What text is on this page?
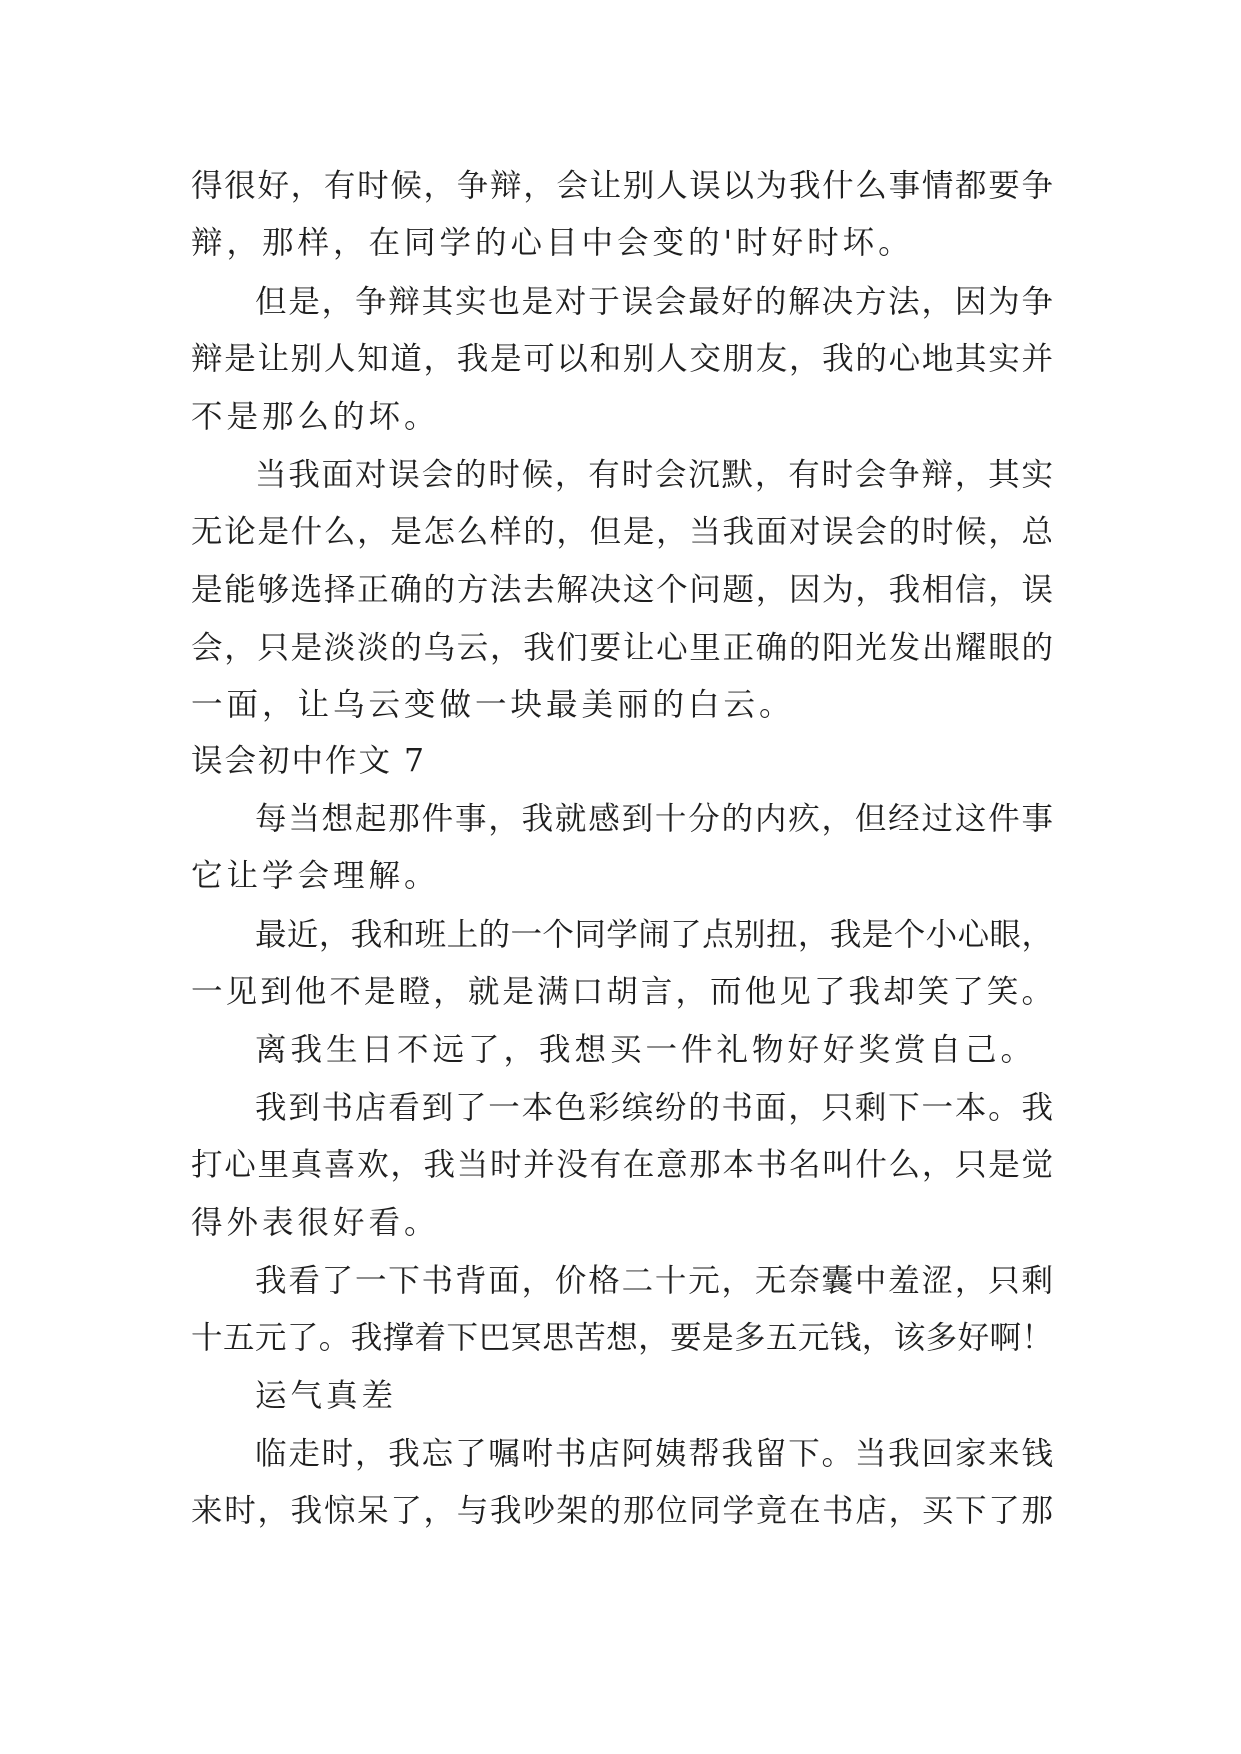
得很好，有时候，争辩，会让别人误以为我什么事情都要争
辩，那样，在同学的心目中会变的'时好时坏。
但是，争辩其实也是对于误会最好的解决方法，因为争
辩是让别人知道，我是可以和别人交朋友，我的心地其实并
不是那么的坏。
当我面对误会的时候，有时会沉默，有时会争辩，其实
无论是什么，是怎么样的，但是，当我面对误会的时候，总
是能够选择正确的方法去解决这个问题，因为，我相信，误
会，只是淡淡的乌云，我们要让心里正确的阳光发出耀眼的
一面，让乌云变做一块最美丽的白云。
误会初中作文 7
每当想起那件事，我就感到十分的内疚，但经过这件事
它让学会理解。
最近，我和班上的一个同学闹了点别扭，我是个小心眼，
一见到他不是瞪，就是满口胡言，而他见了我却笑了笑。
离我生日不远了，我想买一件礼物好好奖赏自己。
我到书店看到了一本色彩缤纷的书面，只剩下一本。我
打心里真喜欢，我当时并没有在意那本书名叫什么，只是觉
得外表很好看。
我看了一下书背面，价格二十元，无奈囊中羞涩，只剩
十五元了。我撑着下巴冥思苦想，要是多五元钱，该多好啊！
运气真差
临走时，我忘了嘱咐书店阿姨帮我留下。当我回家来钱
来时，我惊呆了，与我吵架的那位同学竟在书店，买下了那
